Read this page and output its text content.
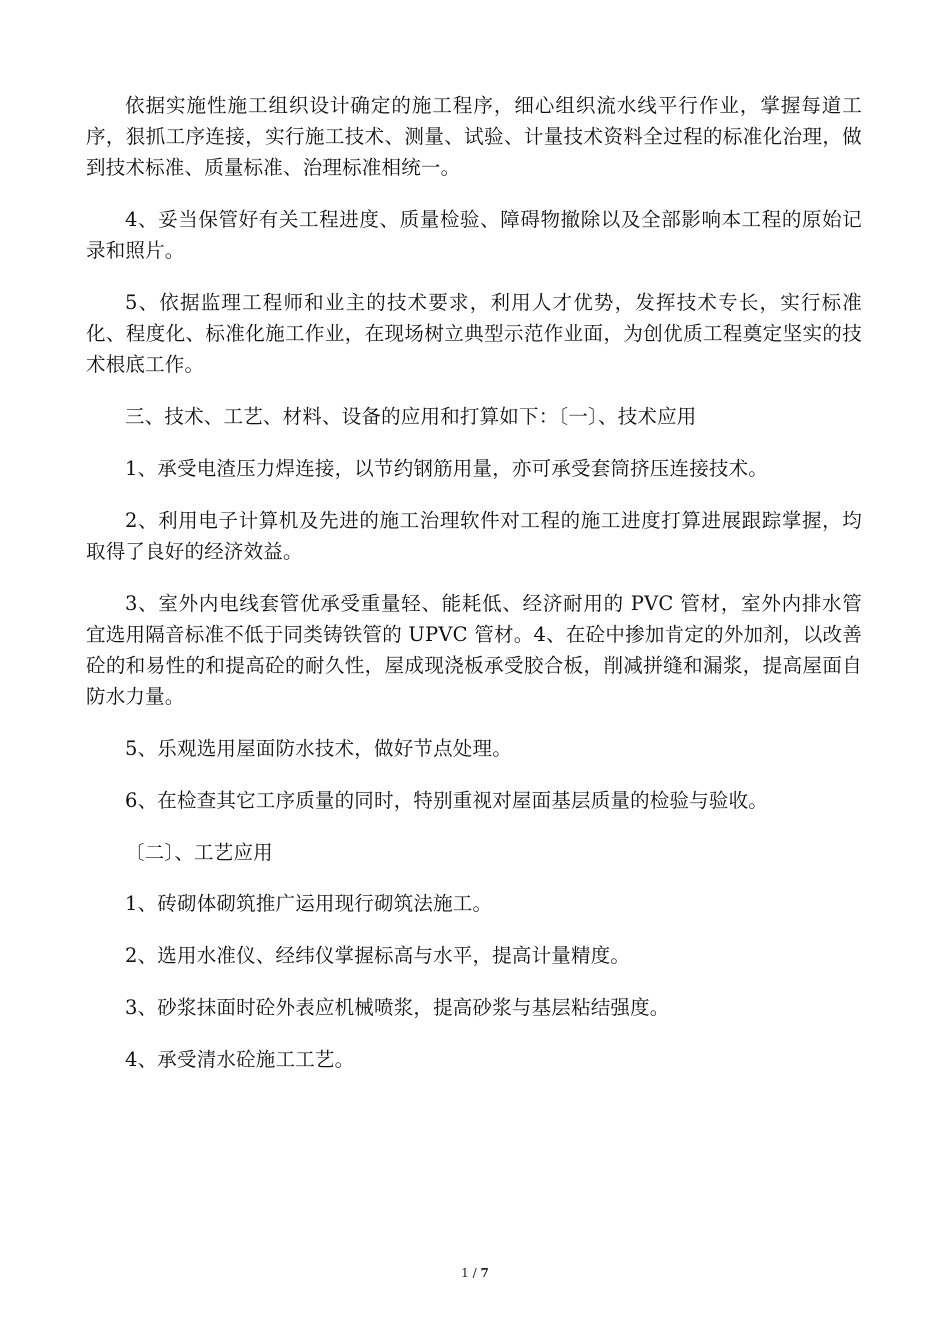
依据实施性施工组织设计确定的施工程序，细心组织流水线平行作业，掌握每道工序，狠抓工序连接，实行施工技术、测量、试验、计量技术资料全过程的标准化治理，做到技术标准、质量标准、治理标准相统一。

4、妥当保管好有关工程进度、质量检验、障碍物撤除以及全部影响本工程的原始记录和照片。

5、依据监理工程师和业主的技术要求，利用人才优势，发挥技术专长，实行标准化、程度化、标准化施工作业，在现场树立典型示范作业面，为创优质工程奠定坚实的技术根底工作。

三、技术、工艺、材料、设备的应用和打算如下：〔一〕、技术应用

1、承受电渣压力焊连接，以节约钢筋用量，亦可承受套筒挤压连接技术。

2、利用电子计算机及先进的施工治理软件对工程的施工进度打算进展跟踪掌握，均取得了良好的经济效益。

3、室外内电线套管优承受重量轻、能耗低、经济耐用的 PVC 管材，室外内排水管宜选用隔音标准不低于同类铸铁管的 UPVC 管材。4、在砼中掺加肯定的外加剂，以改善砼的和易性的和提高砼的耐久性，屋成现浇板承受胶合板，削减拼缝和漏浆，提高屋面自防水力量。

5、乐观选用屋面防水技术，做好节点处理。

6、在检查其它工序质量的同时，特别重视对屋面基层质量的检验与验收。

〔二〕、工艺应用

1、砖砌体砌筑推广运用现行砌筑法施工。

2、选用水准仪、经纬仪掌握标高与水平，提高计量精度。

3、砂浆抹面时砼外表应机械喷浆，提高砂浆与基层粘结强度。

4、承受清水砼施工工艺。

1 / 7
